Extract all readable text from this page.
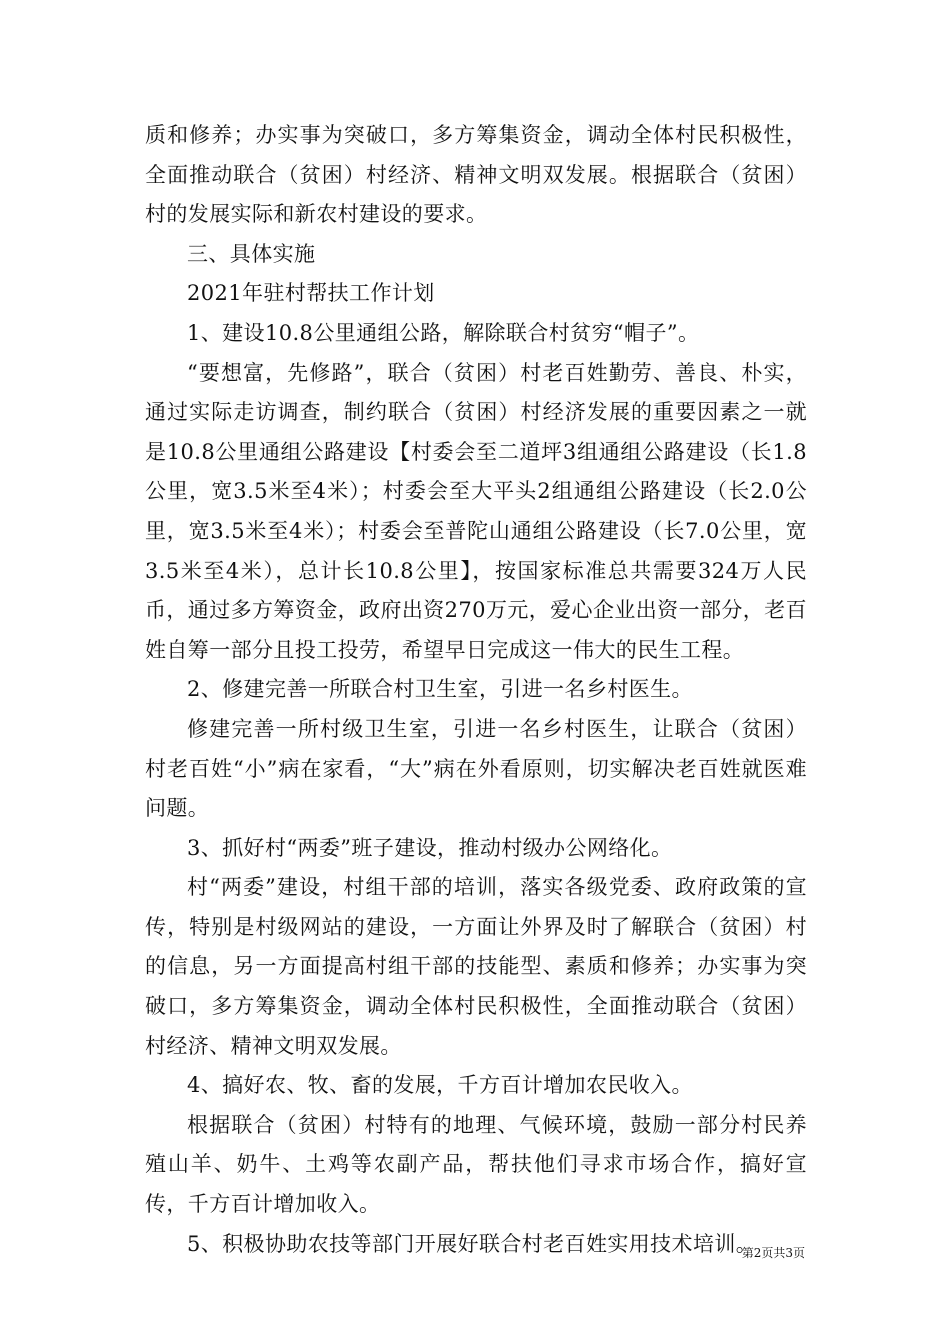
质和修养；办实事为突破口，多方筹集资金，调动全体村民积极性，全面推动联合（贫困）村经济、精神文明双发展。根据联合（贫困）村的发展实际和新农村建设的要求。

三、具体实施

2021年驻村帮扶工作计划

1、建设10.8公里通组公路，解除联合村贫穷“帽子”。

“要想富，先修路”，联合（贫困）村老百姓勤劳、善良、朴实，通过实际走访调查，制约联合（贫困）村经济发展的重要因素之一就是10.8公里通组公路建设【村委会至二道坪3组通组公路建设（长1.8公里，宽3.5米至4米）；村委会至大平头2组通组公路建设（长2.0公里，宽3.5米至4米）；村委会至普陀山通组公路建设（长7.0公里，宽3.5米至4米），总计长10.8公里】，按国家标准总共需要324万人民币，通过多方筹资金，政府出资270万元，爱心企业出资一部分，老百姓自筹一部分且投工投劳，希望早日完成这一伟大的民生工程。

2、修建完善一所联合村卫生室，引进一名乡村医生。

修建完善一所村级卫生室，引进一名乡村医生，让联合（贫困）村老百姓“小”病在家看，“大”病在外看原则，切实解决老百姓就医难问题。

3、抓好村“两委”班子建设，推动村级办公网络化。

村“两委”建设，村组干部的培训，落实各级党委、政府政策的宣传，特别是村级网站的建设，一方面让外界及时了解联合（贫困）村的信息，另一方面提高村组干部的技能型、素质和修养；办实事为突破口，多方筹集资金，调动全体村民积极性，全面推动联合（贫困）村经济、精神文明双发展。

4、搞好农、牧、畜的发展，千方百计增加农民收入。

根据联合（贫困）村特有的地理、气候环境，鼓励一部分村民养殖山羊、奶牛、土鸡等农副产品，帮扶他们寻求市场合作，搞好宣传，千方百计增加收入。

5、积极协助农技等部门开展好联合村老百姓实用技术培训。

第2页共3页
